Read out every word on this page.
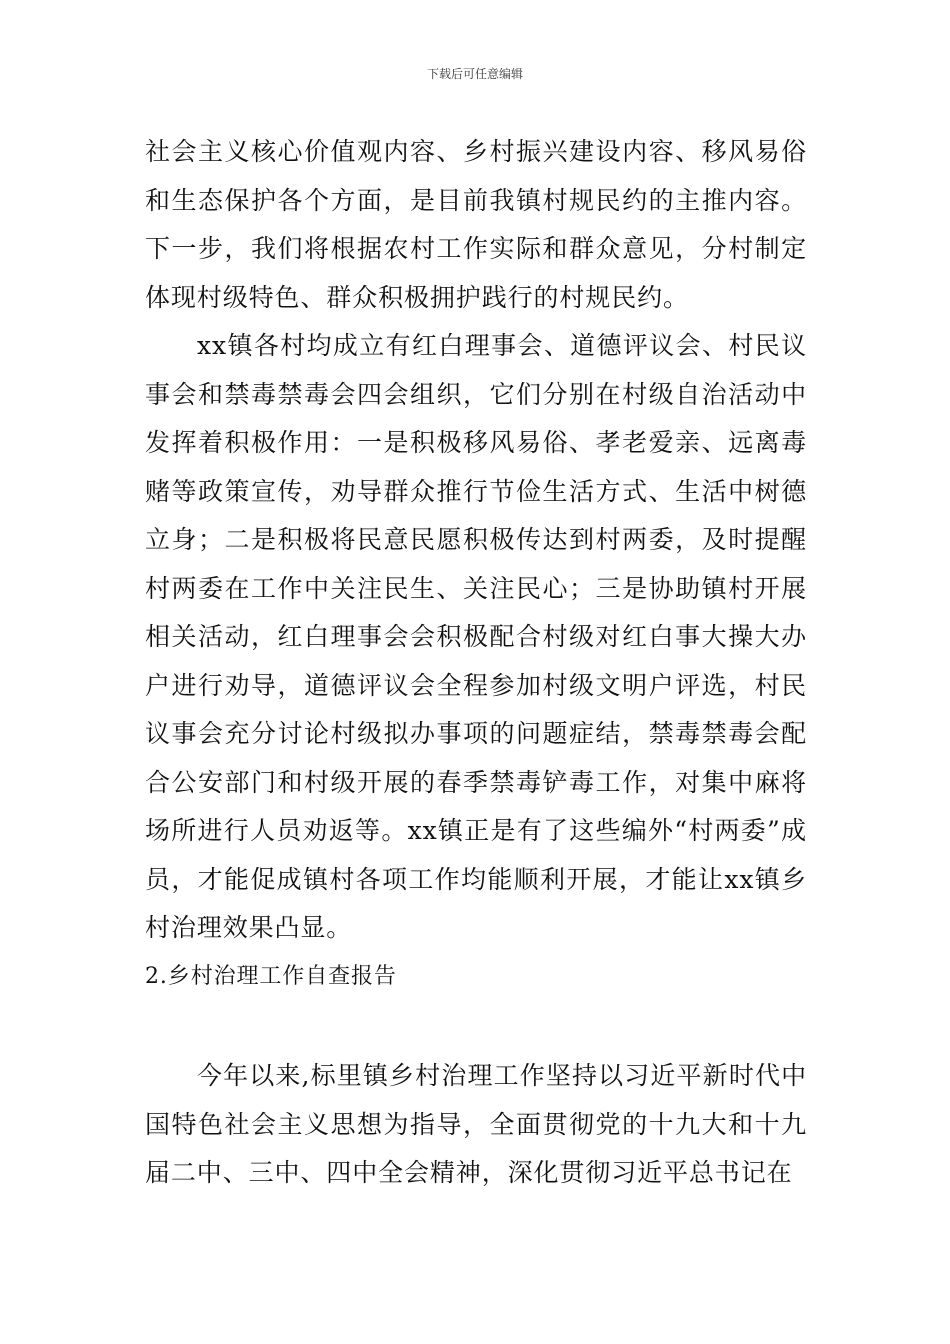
下载后可任意编辑

社会主义核心价值观内容、乡村振兴建设内容、移风易俗和生态保护各个方面，是目前我镇村规民约的主推内容。下一步，我们将根据农村工作实际和群众意见，分村制定体现村级特色、群众积极拥护践行的村规民约。

xx镇各村均成立有红白理事会、道德评议会、村民议事会和禁毒禁毒会四会组织，它们分别在村级自治活动中发挥着积极作用：一是积极移风易俗、孝老爱亲、远离毒赌等政策宣传，劝导群众推行节俭生活方式、生活中树德立身；二是积极将民意民愿积极传达到村两委，及时提醒村两委在工作中关注民生、关注民心；三是协助镇村开展相关活动，红白理事会会积极配合村级对红白事大操大办户进行劝导，道德评议会全程参加村级文明户评选，村民议事会充分讨论村级拟办事项的问题症结，禁毒禁毒会配合公安部门和村级开展的春季禁毒铲毒工作，对集中麻将场所进行人员劝返等。xx镇正是有了这些编外“村两委”成员，才能促成镇村各项工作均能顺利开展，才能让xx镇乡村治理效果凸显。

2.乡村治理工作自查报告

今年以来,标里镇乡村治理工作坚持以习近平新时代中国特色社会主义思想为指导，全面贯彻党的十九大和十九届二中、三中、四中全会精神，深化贯彻习近平总书记在
